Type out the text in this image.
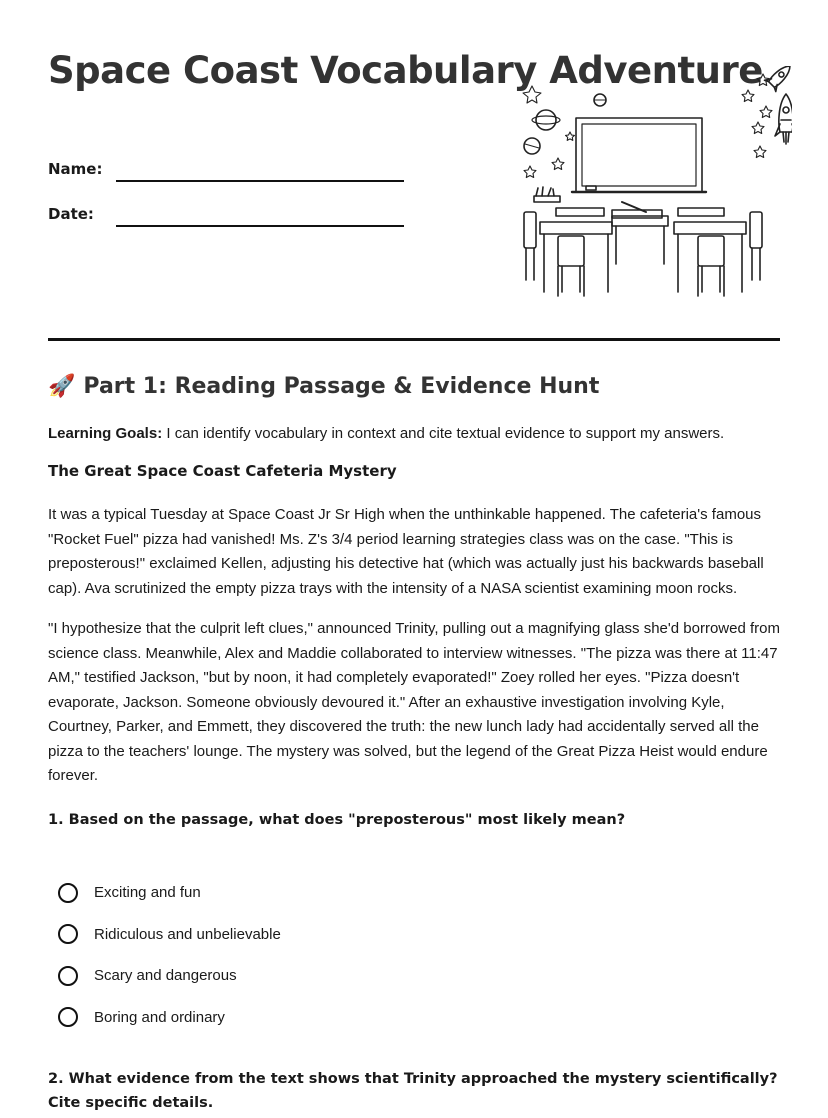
Space Coast Vocabulary Adventure
Name:
Date:
🚀 Part 1: Reading Passage & Evidence Hunt

Learning Goals: I can identify vocabulary in context and cite textual evidence to support my answers.

The Great Space Coast Cafeteria Mystery

It was a typical Tuesday at Space Coast Jr Sr High when the unthinkable happened. The cafeteria's famous "Rocket Fuel" pizza had vanished! Ms. Z's 3/4 period learning strategies class was on the case. "This is preposterous!" exclaimed Kellen, adjusting his detective hat (which was actually just his backwards baseball cap). Ava scrutinized the empty pizza trays with the intensity of a NASA scientist examining moon rocks.

"I hypothesize that the culprit left clues," announced Trinity, pulling out a magnifying glass she'd borrowed from science class. Meanwhile, Alex and Maddie collaborated to interview witnesses. "The pizza was there at 11:47 AM," testified Jackson, "but by noon, it had completely evaporated!" Zoey rolled her eyes. "Pizza doesn't evaporate, Jackson. Someone obviously devoured it." After an exhaustive investigation involving Kyle, Courtney, Parker, and Emmett, they discovered the truth: the new lunch lady had accidentally served all the pizza to the teachers' lounge. The mystery was solved, but the legend of the Great Pizza Heist would endure forever.

1. Based on the passage, what does "preposterous" most likely mean?
Exciting and fun
Ridiculous and unbelievable
Scary and dangerous
Boring and ordinary
2. What evidence from the text shows that Trinity approached the mystery scientifically? Cite specific details.
